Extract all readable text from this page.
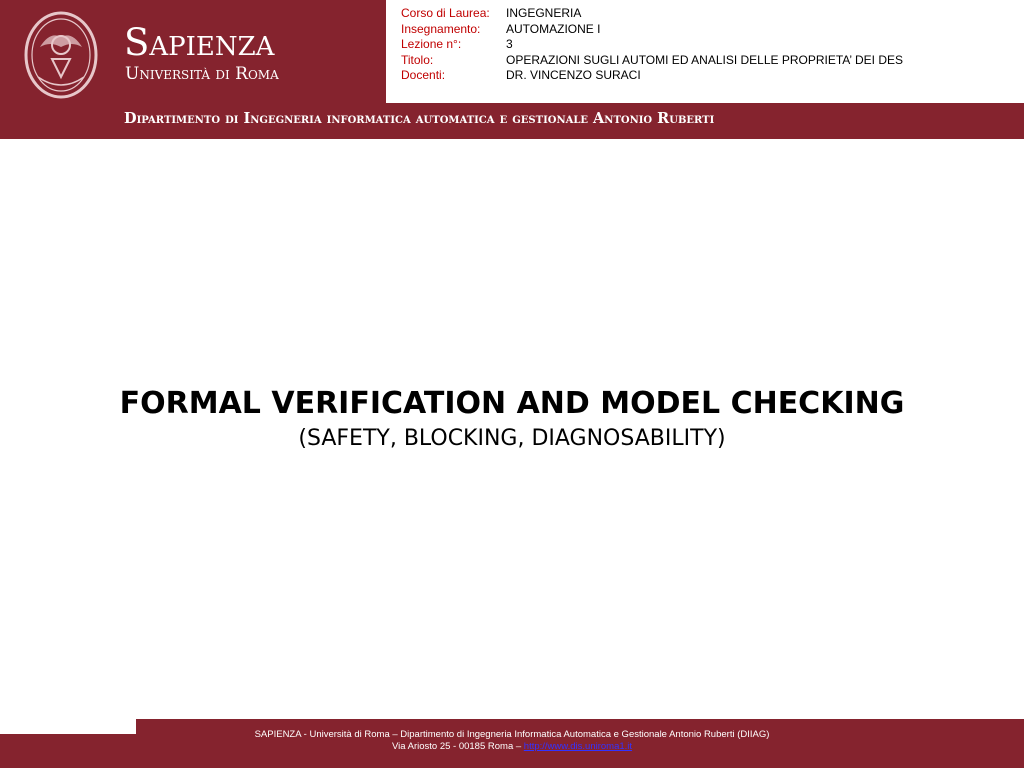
Sapienza
Università di Roma
Corso di Laurea:	INGEGNERIA
Insegnamento:	AUTOMAZIONE I
Lezione n°:	3
Titolo:	OPERAZIONI SUGLI AUTOMI ED ANALISI DELLE PROPRIETA’ DEI DES
Docenti:	DR. VINCENZO SURACI
Dipartimento di Ingegneria informatica automatica e gestionale Antonio Ruberti
FORMAL VERIFICATION AND MODEL CHECKING
(SAFETY, BLOCKING, DIAGNOSABILITY)
SAPIENZA - Università di Roma – Dipartimento di Ingegneria Informatica Automatica e Gestionale Antonio Ruberti (DIIAG)
Via Ariosto 25 - 00185 Roma – http://www.dis.uniroma1.it
